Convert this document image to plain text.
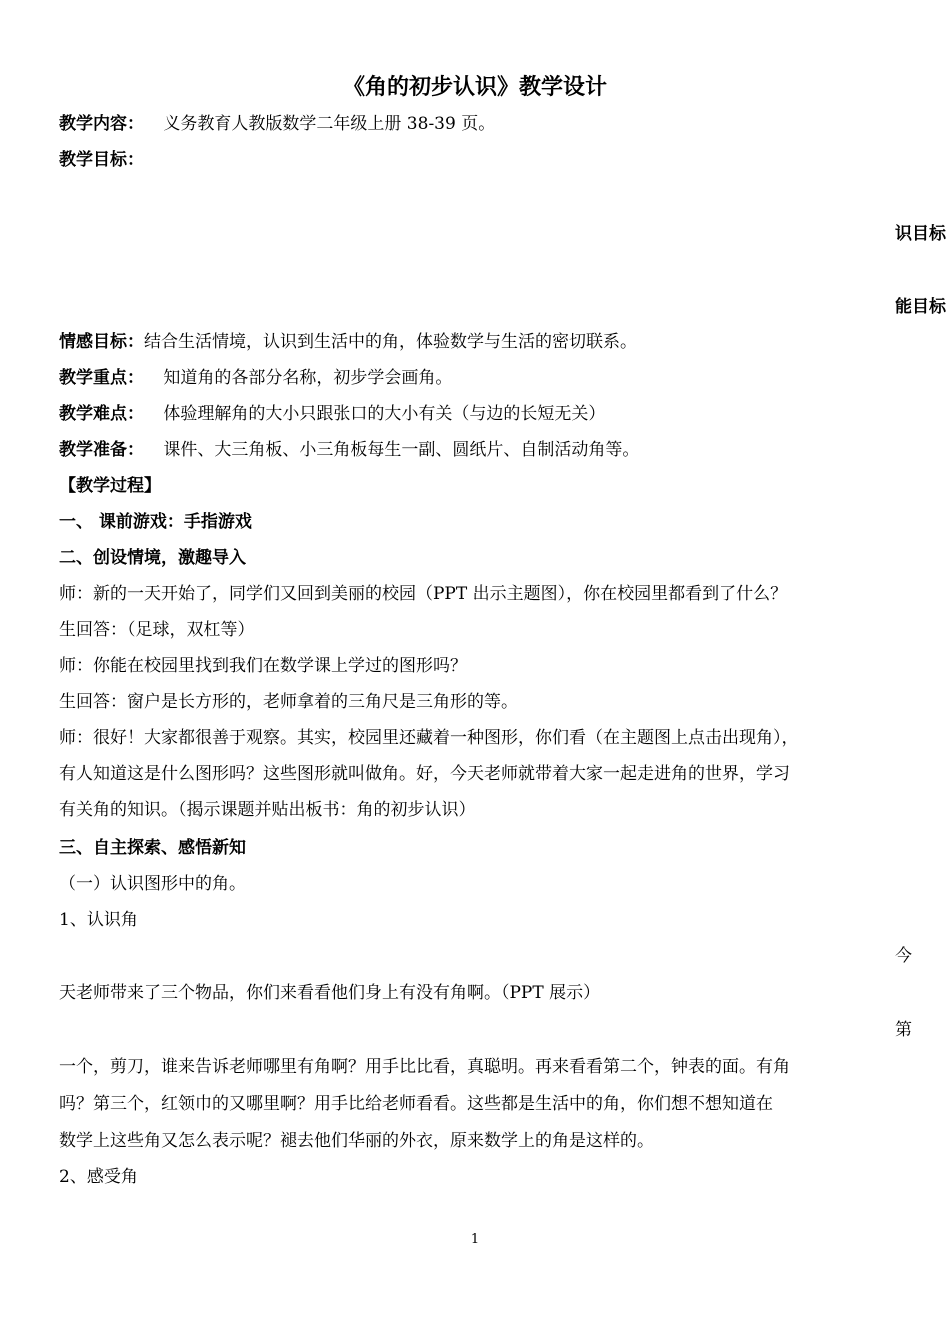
《角的初步认识》教学设计
教学内容： 义务教育人教版数学二年级上册 38-39 页。
教学目标：
识目标
能目标
情感目标：结合生活情境，认识到生活中的角，体验数学与生活的密切联系。
教学重点： 知道角的各部分名称，初步学会画角。
教学难点： 体验理解角的大小只跟张口的大小有关（与边的长短无关）
教学准备： 课件、大三角板、小三角板每生一副、圆纸片、自制活动角等。
【教学过程】
一、 课前游戏：手指游戏
二、创设情境，激趣导入
师：新的一天开始了，同学们又回到美丽的校园（PPT 出示主题图），你在校园里都看到了什么？
生回答：（足球，双杠等）
师：你能在校园里找到我们在数学课上学过的图形吗？
生回答：窗户是长方形的，老师拿着的三角尺是三角形的等。
师：很好！大家都很善于观察。其实，校园里还藏着一种图形，你们看（在主题图上点击出现角），
有人知道这是什么图形吗？这些图形就叫做角。好，今天老师就带着大家一起走进角的世界，学习
有关角的知识。（揭示课题并贴出板书：角的初步认识）
三、自主探索、感悟新知
（一）认识图形中的角。
1、认识角
今
天老师带来了三个物品，你们来看看他们身上有没有角啊。（PPT 展示）
第
一个，剪刀，谁来告诉老师哪里有角啊？用手比比看，真聪明。再来看看第二个，钟表的面。有角
吗？第三个，红领巾的又哪里啊？用手比给老师看看。这些都是生活中的角，你们想不想知道在
数学上这些角又怎么表示呢？褪去他们华丽的外衣，原来数学上的角是这样的。
2、感受角
1
